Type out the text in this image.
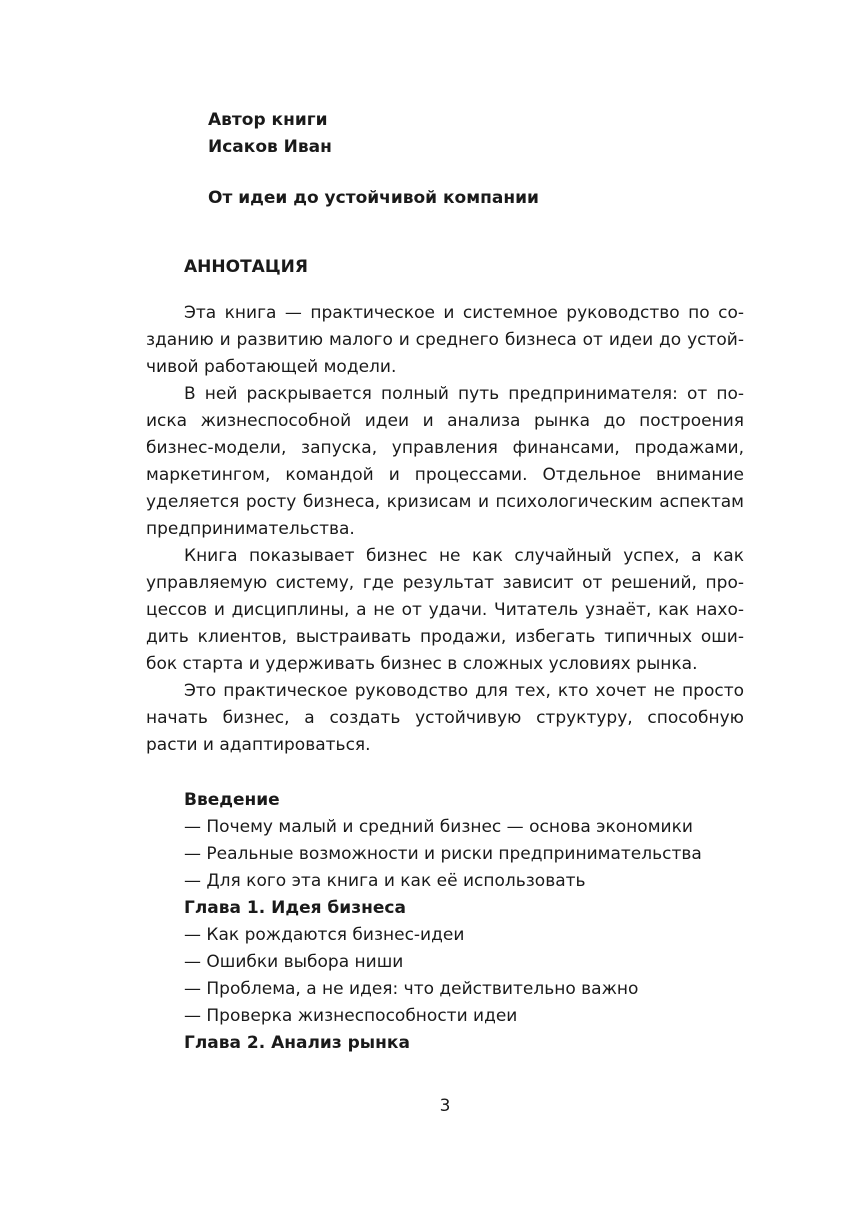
Автор книги
Исаков Иван
От идеи до устойчивой компании
АННОТАЦИЯ

Эта книга — практическое и системное руководство по созданию и развитию малого и среднего бизнеса от идеи до устойчивой работающей модели.

В ней раскрывается полный путь предпринимателя: от поиска жизнеспособной идеи и анализа рынка до построения бизнес-модели, запуска, управления финансами, продажами, маркетингом, командой и процессами. Отдельное внимание уделяется росту бизнеса, кризисам и психологическим аспектам предпринимательства.

Книга показывает бизнес не как случайный успех, а как управляемую систему, где результат зависит от решений, процессов и дисциплины, а не от удачи. Читатель узнаёт, как находить клиентов, выстраивать продажи, избегать типичных ошибок старта и удерживать бизнес в сложных условиях рынка.

Это практическое руководство для тех, кто хочет не просто начать бизнес, а создать устойчивую структуру, способную расти и адаптироваться.

Введение
— Почему малый и средний бизнес — основа экономики
— Реальные возможности и риски предпринимательства
— Для кого эта книга и как её использовать
Глава 1. Идея бизнеса
— Как рождаются бизнес-идеи
— Ошибки выбора ниши
— Проблема, а не идея: что действительно важно
— Проверка жизнеспособности идеи
Глава 2. Анализ рынка
3
